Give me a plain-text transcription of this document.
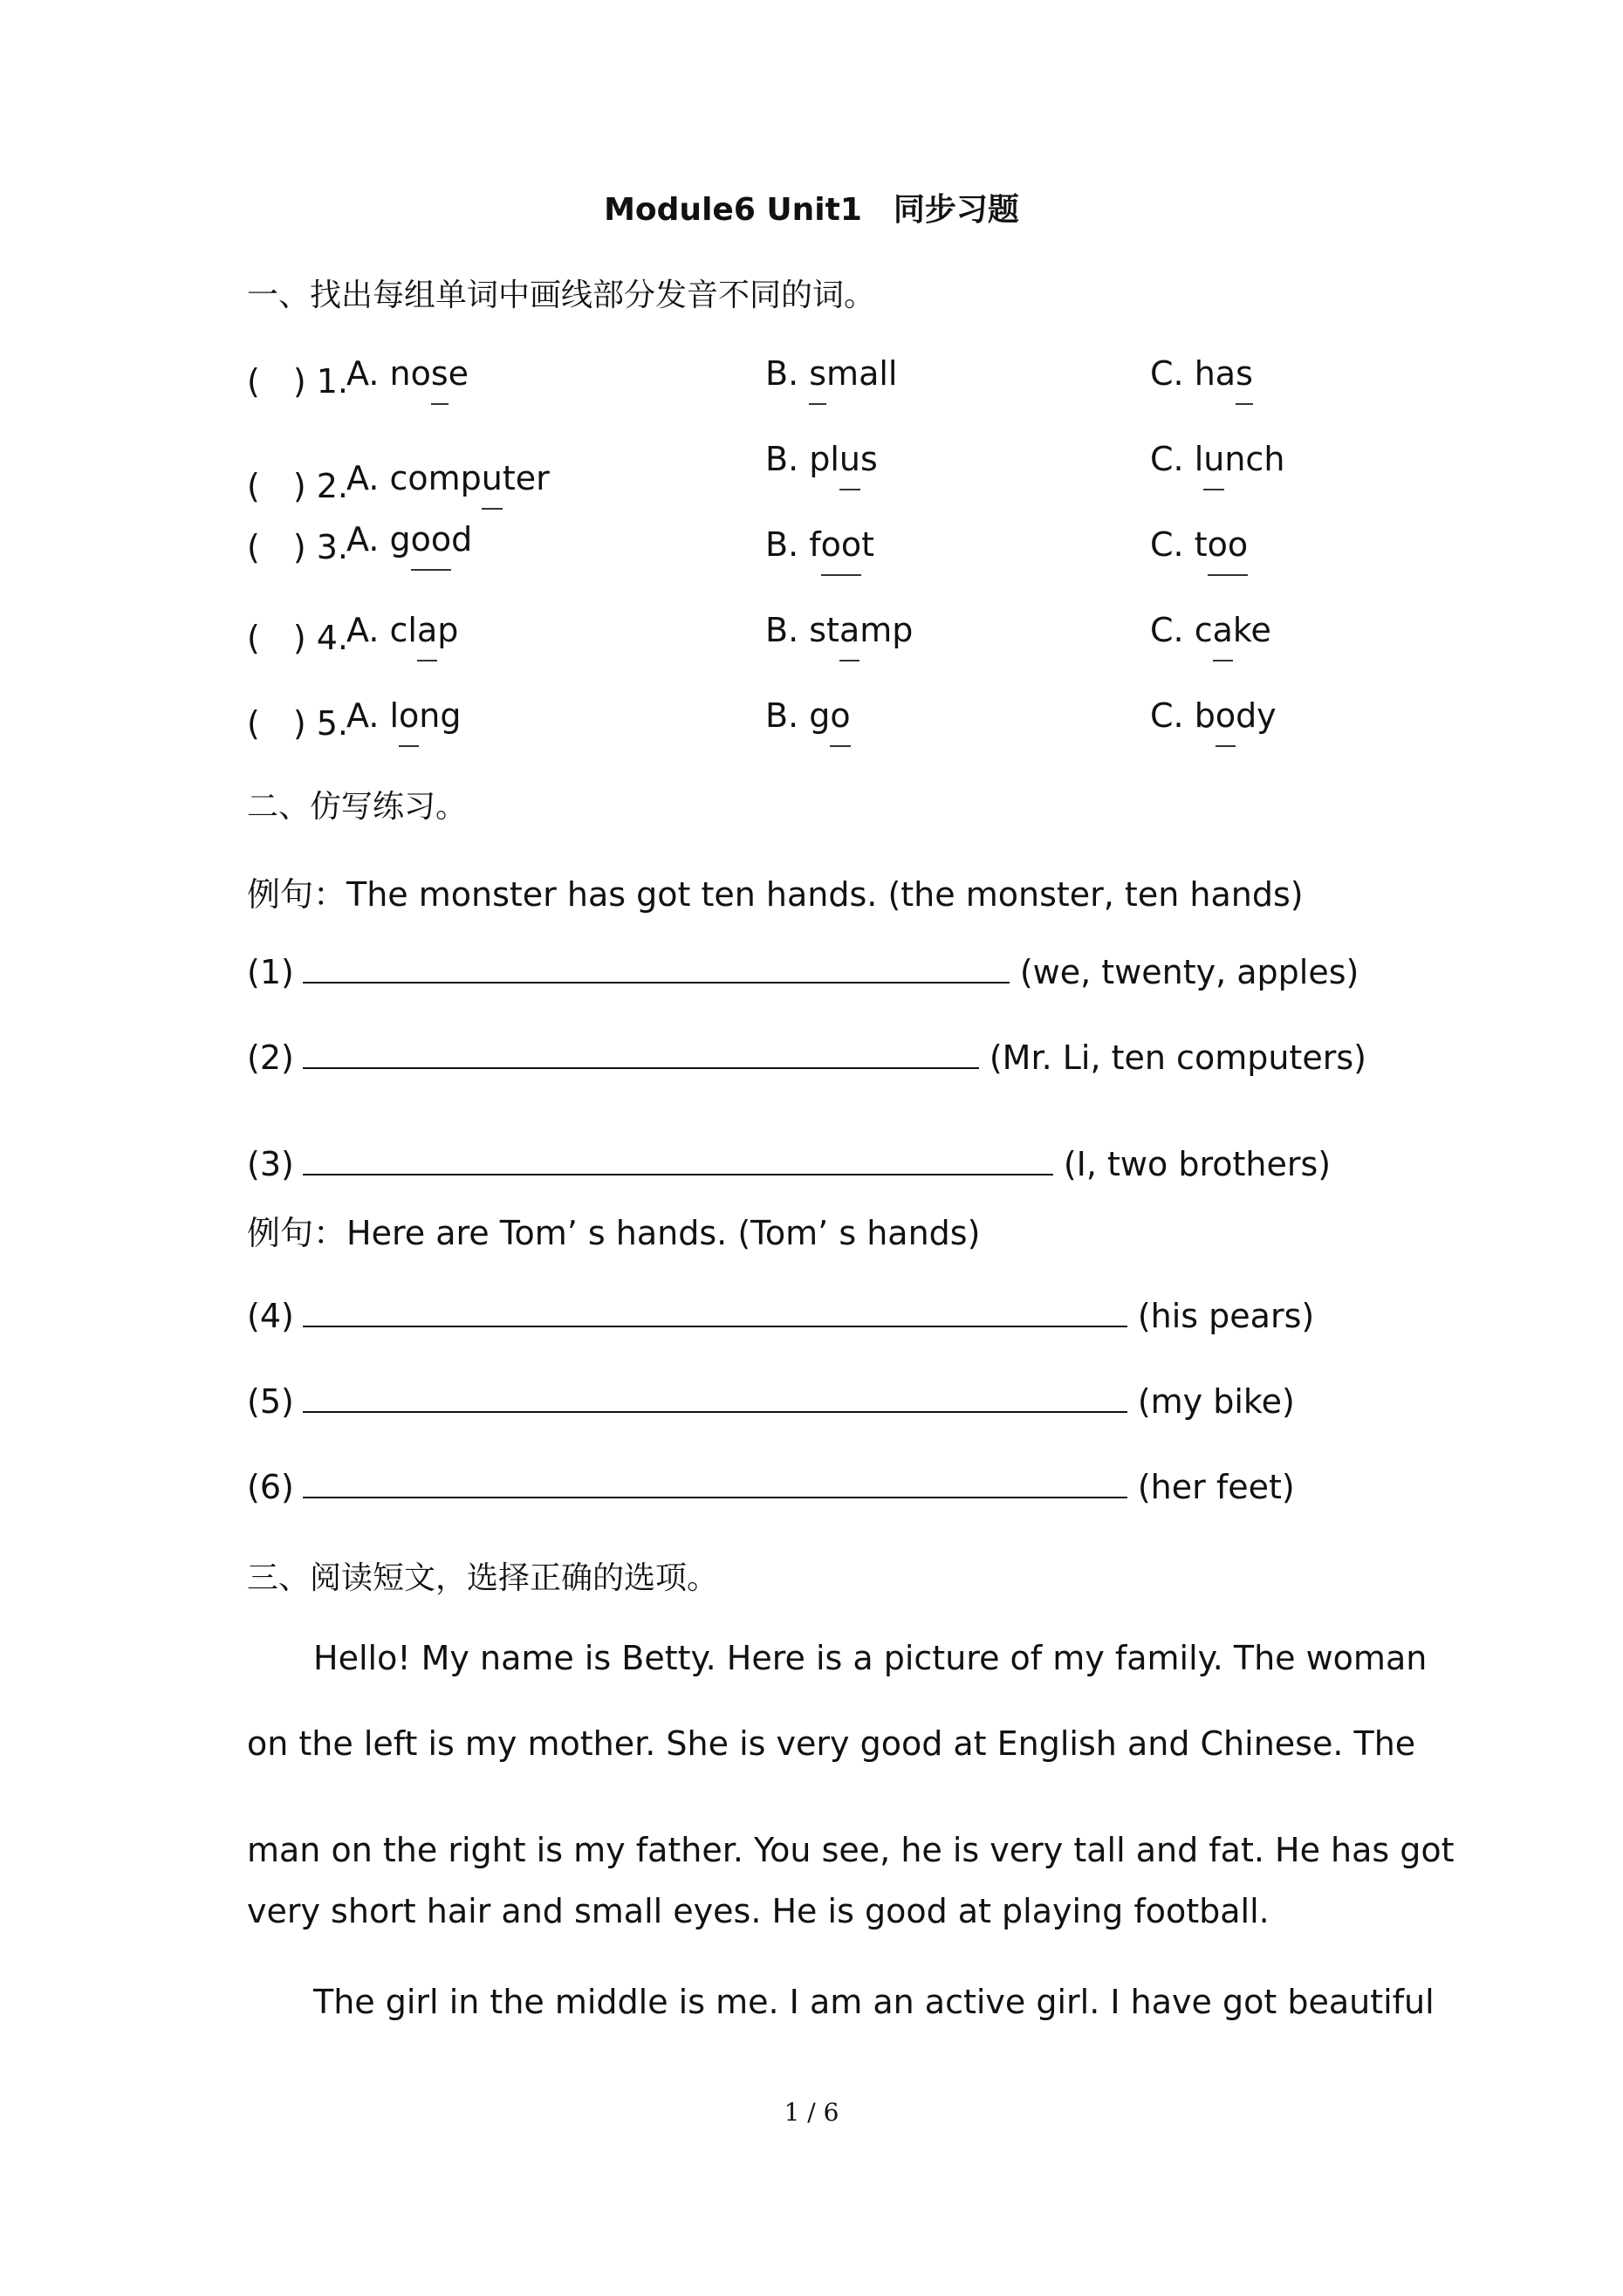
Module6 Unit1　同步习题
一、找出每组单词中画线部分发音不同的词。
(　) 1.
A. nose	B. small	C. has
(　) 2.
A. computer	B. plus	C. lunch
(　) 3.
A. good	B. foot	C. too
(　) 4.
A. clap	B. stamp	C. cake
(　) 5.
A. long	B. go	C. body
二、仿写练习。
例句：The monster has got ten hands. (the monster, ten hands)
(1)	(we, twenty, apples)
(2)	(Mr. Li, ten computers)
(3)	(I, two brothers)
例句：Here are Tom’ s hands. (Tom’ s hands)
(4)	(his pears)
(5)	(my bike)
(6)	(her feet)
三、阅读短文，选择正确的选项。
Hello! My name is Betty. Here is a picture of my family. The woman
on the left is my mother. She is very good at English and Chinese. The
man on the right is my father. You see, he is very tall and fat. He has got
very short hair and small eyes. He is good at playing football.
The girl in the middle is me. I am an active girl. I have got beautiful
1 / 6
